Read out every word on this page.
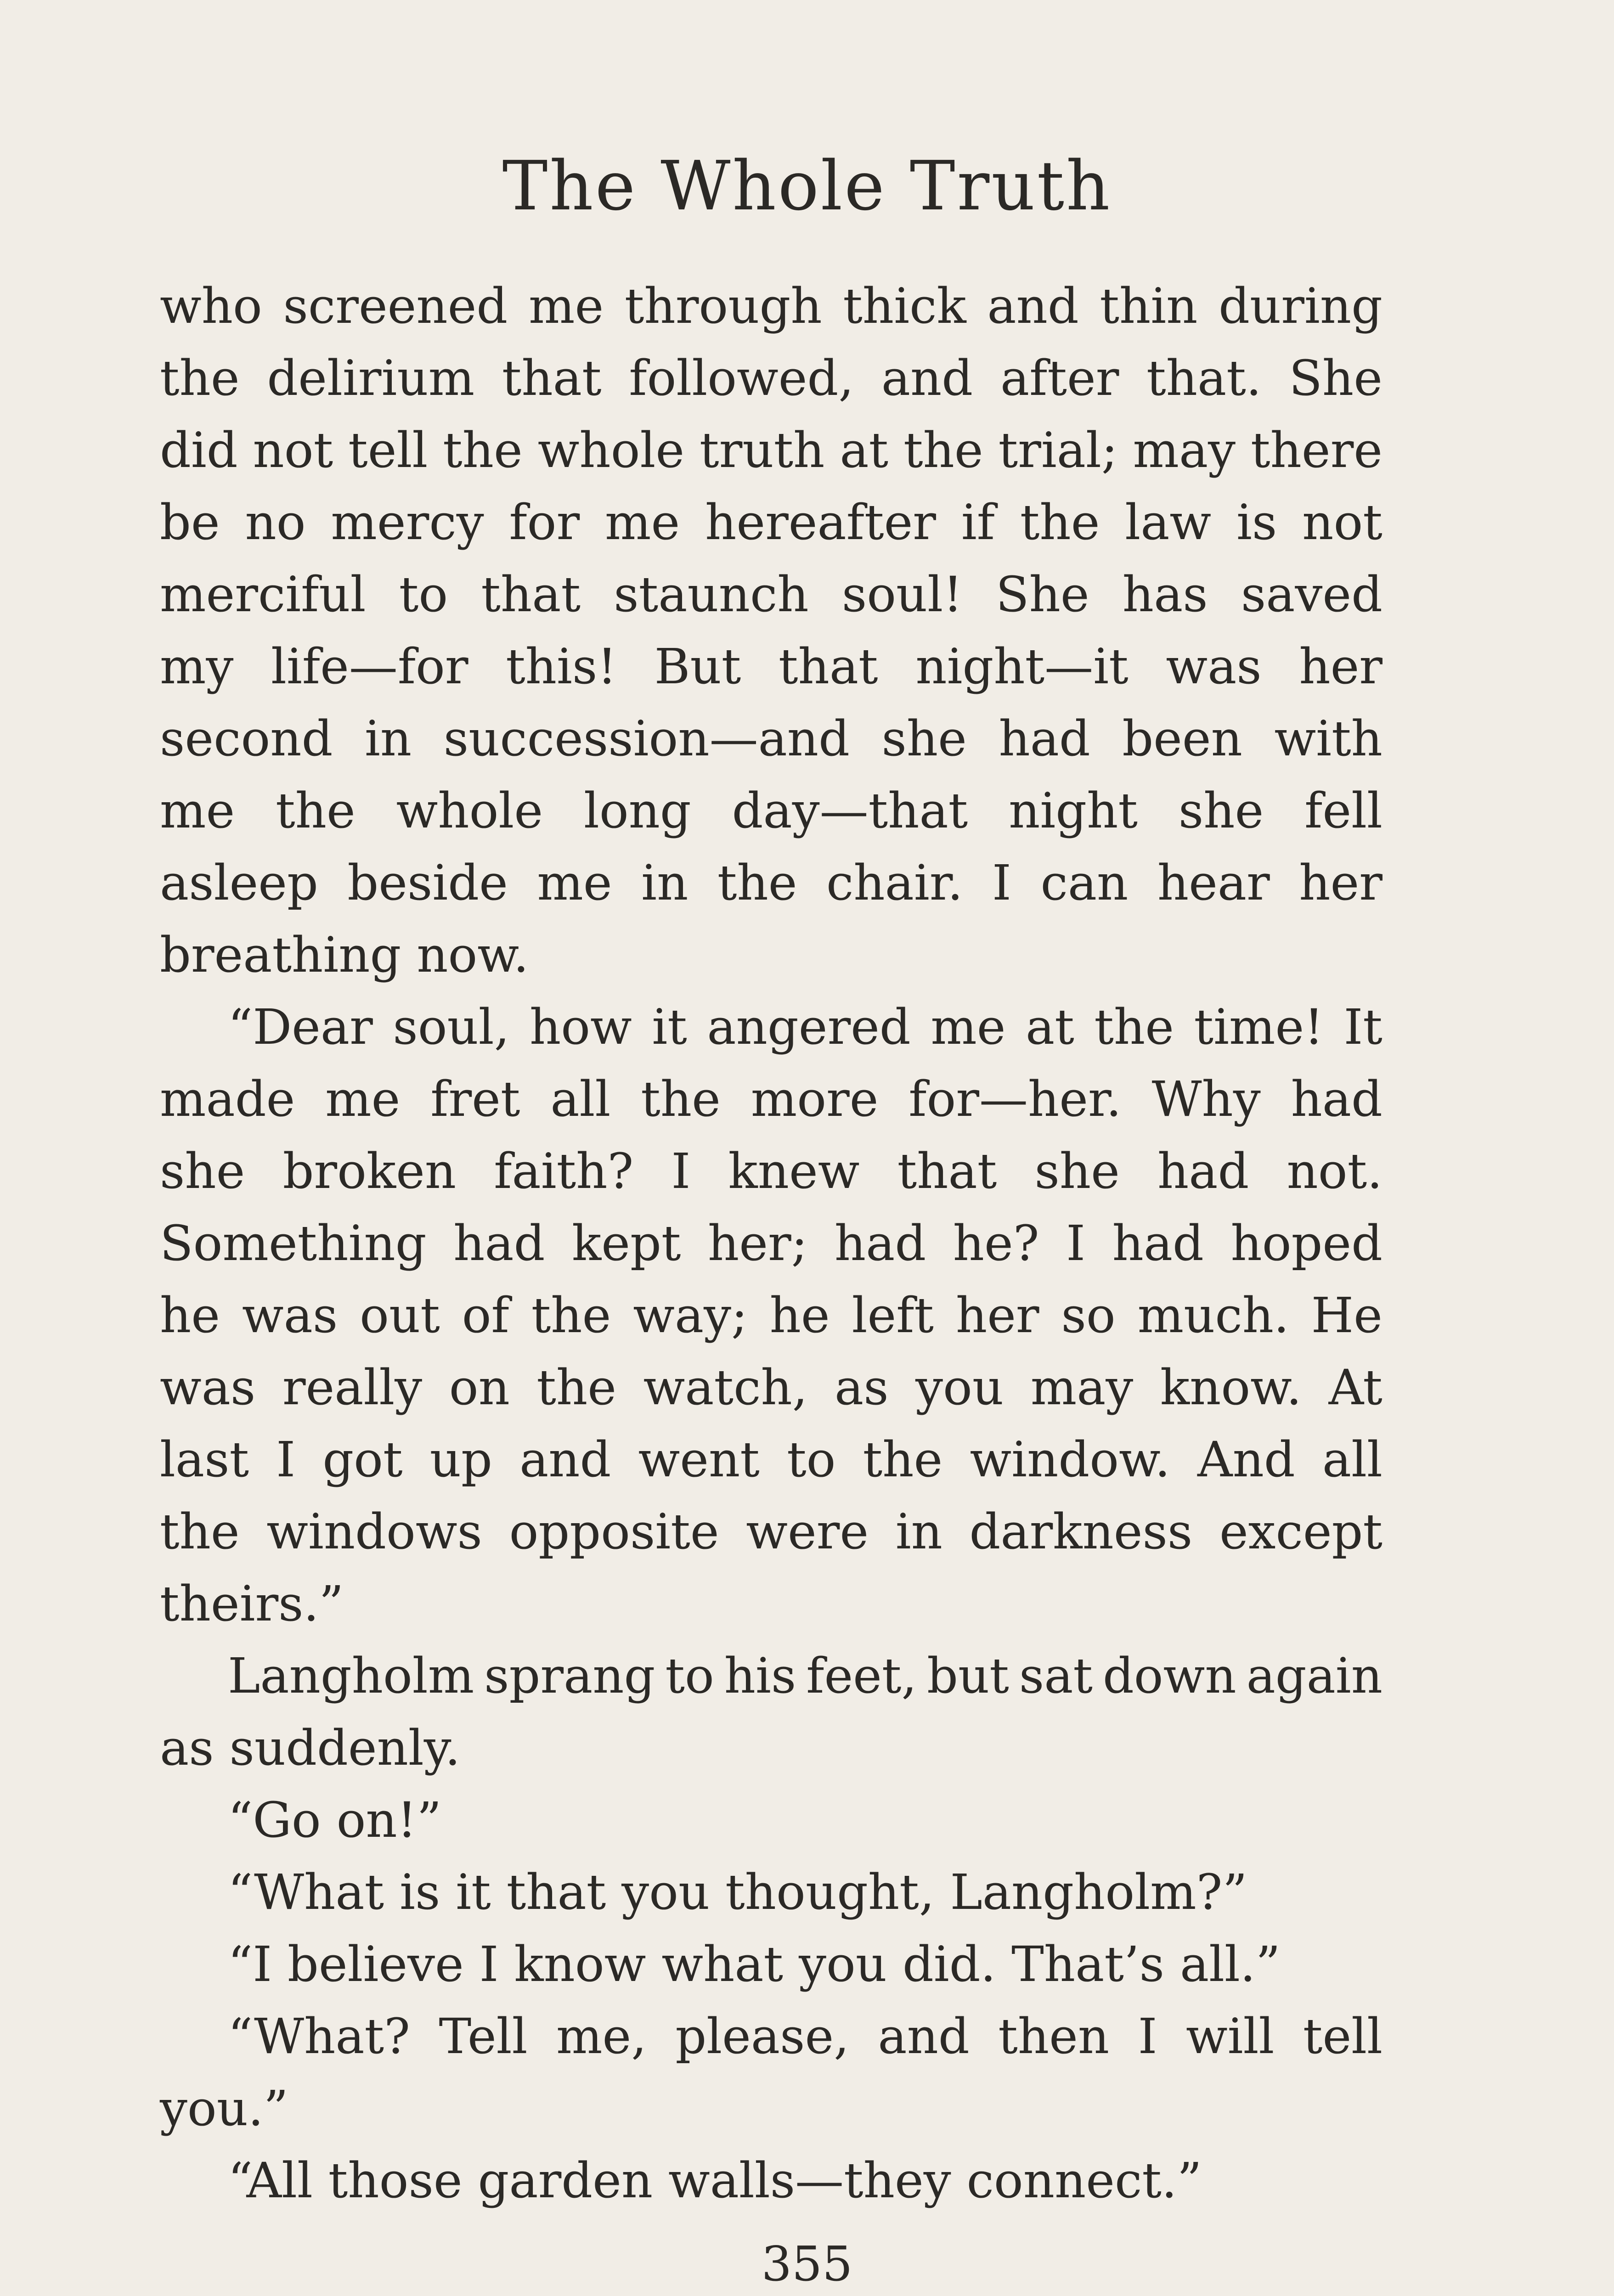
The Whole Truth
who screened me through thick and thin during
the delirium that followed, and after that. She
did not tell the whole truth at the trial; may there
be no mercy for me hereafter if the law is not
merciful to that staunch soul! She has saved
my life—for this! But that night—it was her
second in succession—and she had been with
me the whole long day—that night she fell
asleep beside me in the chair. I can hear her
breathing now.
“Dear soul, how it angered me at the time! It
made me fret all the more for—her. Why had
she broken faith? I knew that she had not.
Something had kept her; had he? I had hoped
he was out of the way; he left her so much. He
was really on the watch, as you may know. At
last I got up and went to the window. And all
the windows opposite were in darkness except
theirs.”
Langholm sprang to his feet, but sat down again
as suddenly.
“Go on!”
“What is it that you thought, Langholm?”
“I believe I know what you did. That’s all.”
“What? Tell me, please, and then I will tell
you.”
“All those garden walls—they connect.”
355
